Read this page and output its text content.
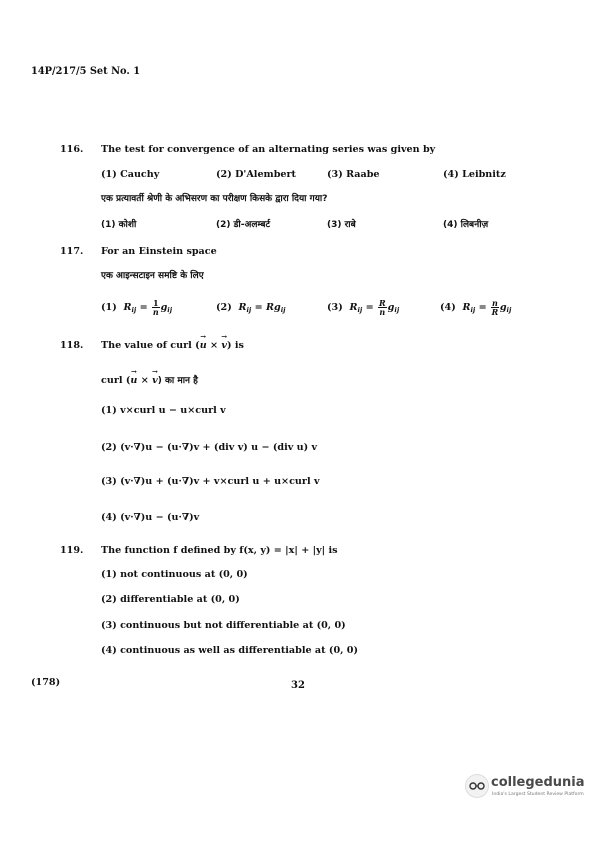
14P/217/5 Set No. 1
116. The test for convergence of an alternating series was given by
(1) Cauchy	(2) D'Alembert	(3) Raabe	(4) Leibnitz
एक प्रत्यावर्ती श्रेणी के अभिसरण का परीक्षण किसके द्वारा दिया गया?
(1) कोशी	(2) डी-अलम्बर्ट	(3) राबे	(4) लिबनीज़
117. For an Einstein space
एक आइन्सटाइन समष्टि के लिए
(1) $R_{ij} = \frac{1}{n} g_{ij}$	(2) $R_{ij} = Rg_{ij}$	(3) $R_{ij} = \frac{R}{n} g_{ij}$	(4) $R_{ij} = \frac{n}{R} g_{ij}$
118. The value of curl (→ u × → v) is
curl (→ u × → v) का मान है
(1) v×curl u − u×curl v
(2) (v·∇)u − (u·∇)v + (div v) u − (div u) v
(3) (v·∇)u + (u·∇)v + v×curl u + u×curl v
(4) (v·∇)u − (u·∇)v
119. The function f defined by f(x, y) = |x| + |y| is
(1) not continuous at (0, 0)
(2) differentiable at (0, 0)
(3) continuous but not differentiable at (0, 0)
(4) continuous as well as differentiable at (0, 0)
(178)	32
collegedunia
India's Largest Student Review Platform
